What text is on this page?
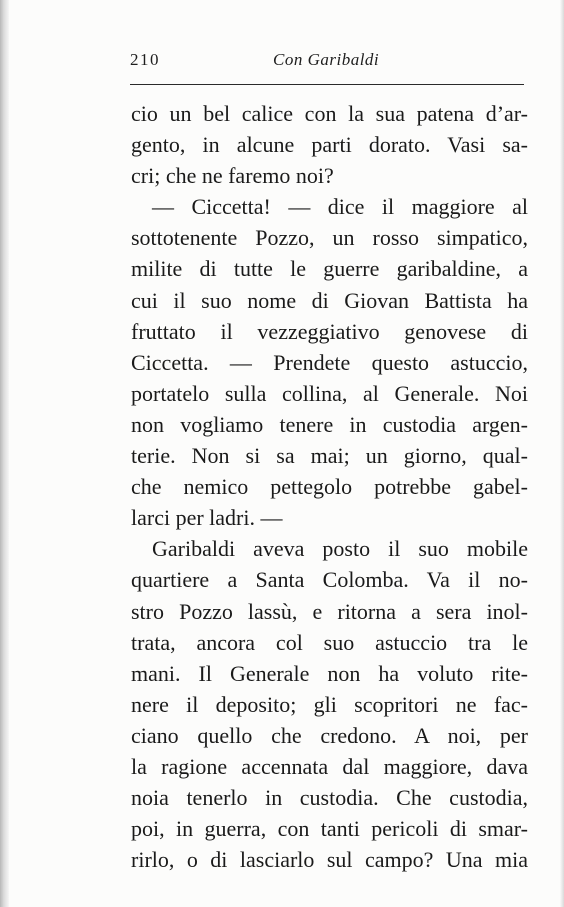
210	Con Garibaldi
cio un bel calice con la sua patena d’ar-
gento, in alcune parti dorato. Vasi sa-
cri; che ne faremo noi?
— Ciccetta! — dice il maggiore al
sottotenente Pozzo, un rosso simpatico,
milite di tutte le guerre garibaldine, a
cui il suo nome di Giovan Battista ha
fruttato il vezzeggiativo genovese di
Ciccetta. — Prendete questo astuccio,
portatelo sulla collina, al Generale. Noi
non vogliamo tenere in custodia argen-
terie. Non si sa mai; un giorno, qual-
che nemico pettegolo potrebbe gabel-
larci per ladri. —
Garibaldi aveva posto il suo mobile
quartiere a Santa Colomba. Va il no-
stro Pozzo lassù, e ritorna a sera inol-
trata, ancora col suo astuccio tra le
mani. Il Generale non ha voluto rite-
nere il deposito; gli scopritori ne fac-
ciano quello che credono. A noi, per
la ragione accennata dal maggiore, dava
noia tenerlo in custodia. Che custodia,
poi, in guerra, con tanti pericoli di smar-
rirlo, o di lasciarlo sul campo? Una mia
